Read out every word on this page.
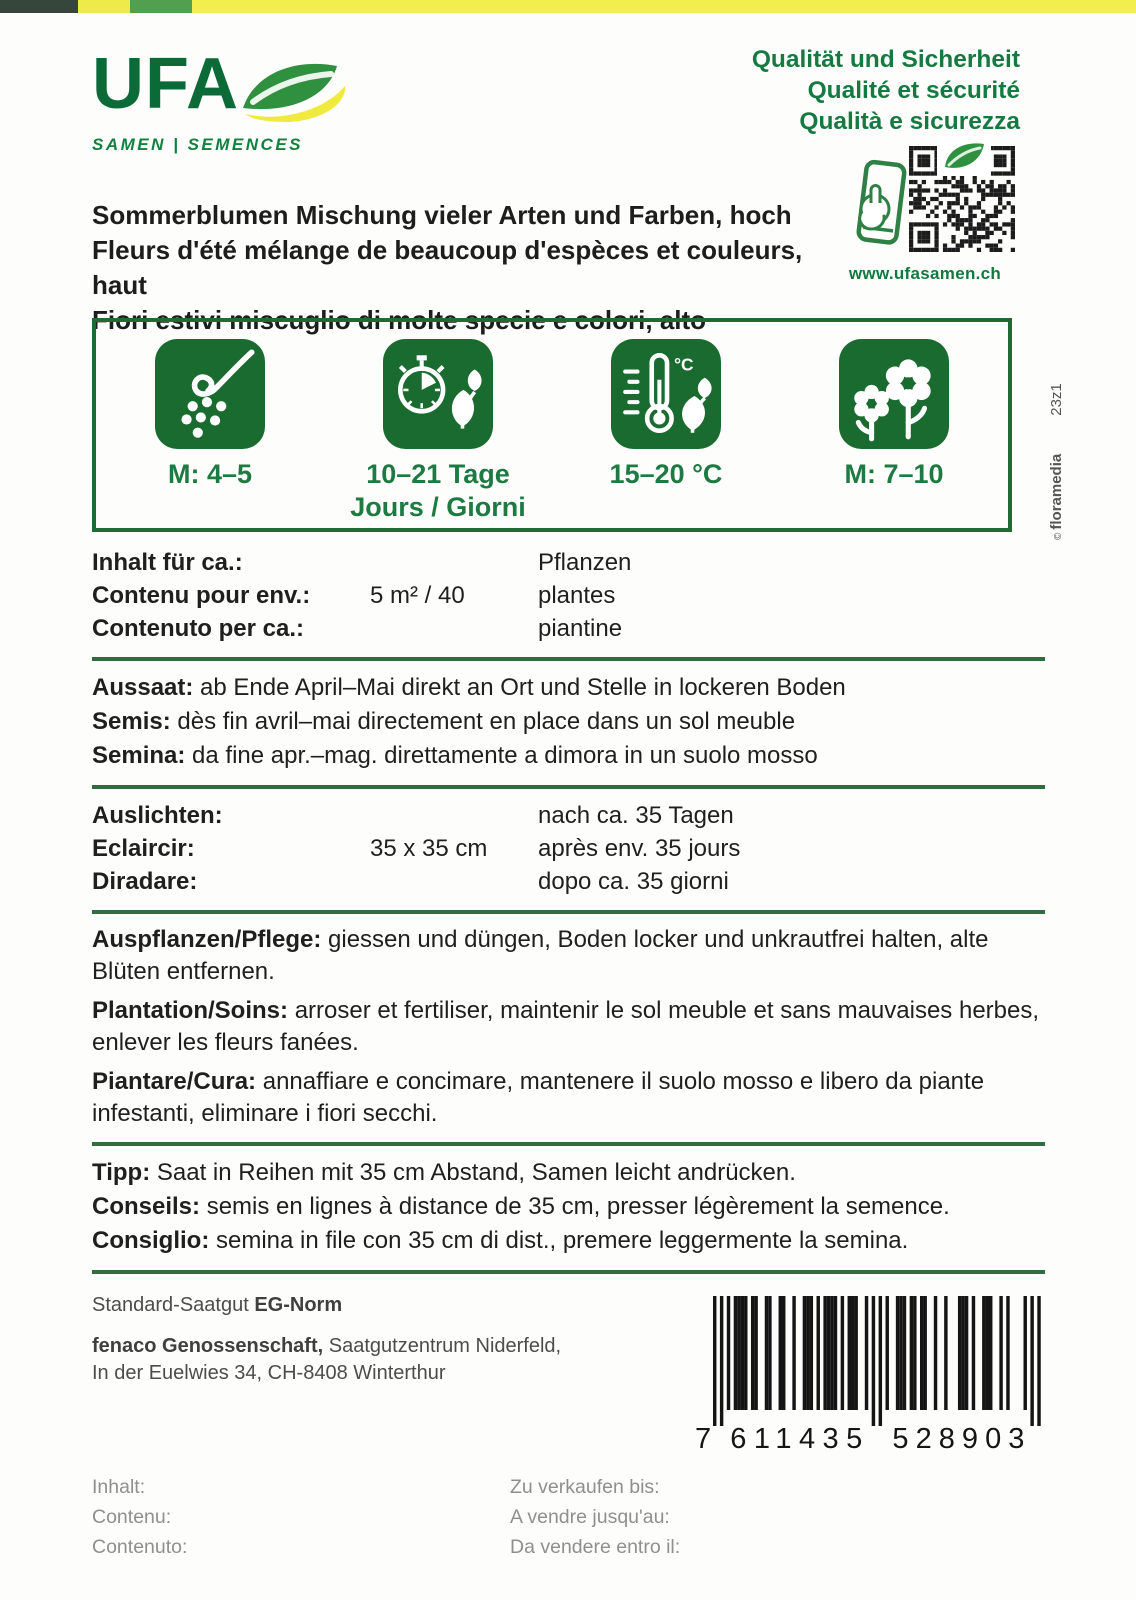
UFA
SAMEN | SEMENCES
Qualität und Sicherheit
Qualité et sécurité
Qualità e sicurezza
www.ufasamen.ch
Sommerblumen Mischung vieler Arten und Farben, hoch
Fleurs d'été mélange de beaucoup d'espèces et couleurs, haut
Fiori estivi miscuglio di molte specie e colori, alto
M: 4–5	10–21 Tage
Jours / Giorni
°C
15–20 °C	M: 7–10
©floramedia23z1
Inhalt für ca.:
Contenu pour env.:
Contenuto per ca.:
5 m² / 40
Pflanzen
plantes
piantine
Aussaat: ab Ende April–Mai direkt an Ort und Stelle in lockeren Boden
Semis: dès fin avril–mai directement en place dans un sol meuble
Semina: da fine apr.–mag. direttamente a dimora in un suolo mosso
Auslichten:
Eclaircir:
Diradare:
35 x 35 cm
nach ca. 35 Tagen
après env. 35 jours
dopo ca. 35 giorni
Auspflanzen/Pflege: giessen und düngen, Boden locker und unkrautfrei halten, alte Blüten entfernen.
Plantation/Soins: arroser et fertiliser, maintenir le sol meuble et sans mauvaises herbes, enlever les fleurs fanées.
Piantare/Cura: annaffiare e concimare, mantenere il suolo mosso e libero da piante infestanti, eliminare i fiori secchi.
Tipp: Saat in Reihen mit 35 cm Abstand, Samen leicht andrücken.
Conseils: semis en lignes à distance de 35 cm, presser légèrement la semence.
Consiglio: semina in file con 35 cm di dist., premere leggermente la semina.
Standard-Saatgut EG-Norm
fenaco Genossenschaft, Saatgutzentrum Niderfeld,
In der Euelwies 34, CH-8408 Winterthur
7 611435 528903
Inhalt:
Contenu:
Contenuto:
Zu verkaufen bis:
A vendre jusqu'au:
Da vendere entro il:
